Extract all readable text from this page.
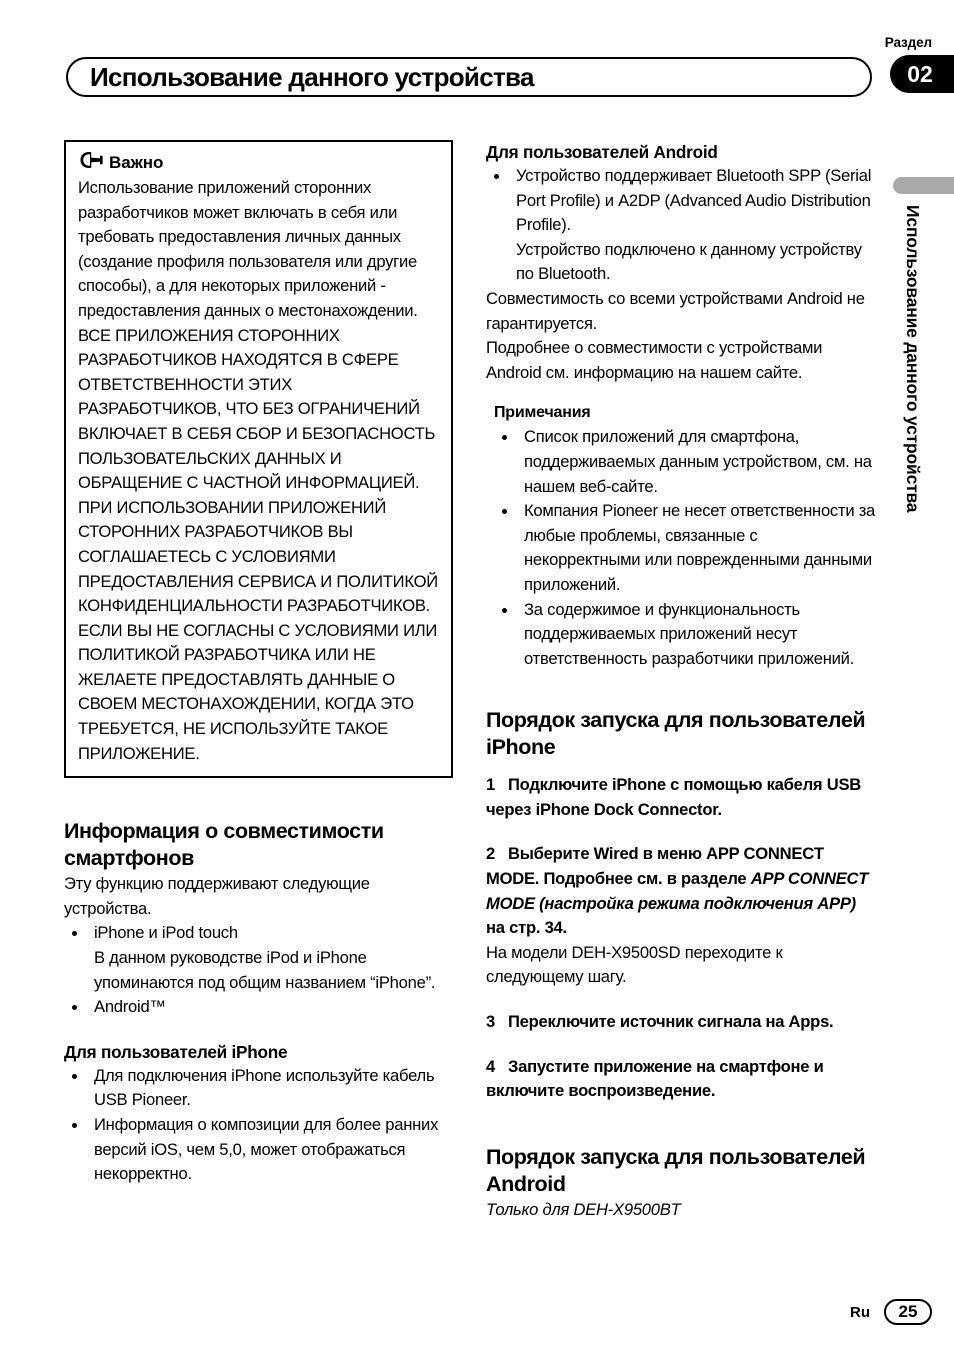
Раздел
02
Использование данного устройства
Использование данного устройства
Важно

Использование приложений сторонних разработчиков может включать в себя или требовать предоставления личных данных (создание профиля пользователя или другие способы), а для некоторых приложений - предоставления данных о местонахождении.

ВСЕ ПРИЛОЖЕНИЯ СТОРОННИХ РАЗРАБОТЧИКОВ НАХОДЯТСЯ В СФЕРЕ ОТВЕТСТВЕННОСТИ ЭТИХ РАЗРАБОТЧИКОВ, ЧТО БЕЗ ОГРАНИЧЕНИЙ ВКЛЮЧАЕТ В СЕБЯ СБОР И БЕЗОПАСНОСТЬ ПОЛЬЗОВАТЕЛЬСКИХ ДАННЫХ И ОБРАЩЕНИЕ С ЧАСТНОЙ ИНФОРМАЦИЕЙ. ПРИ ИСПОЛЬЗОВАНИИ ПРИЛОЖЕНИЙ СТОРОННИХ РАЗРАБОТЧИКОВ ВЫ СОГЛАШАЕТЕСЬ С УСЛОВИЯМИ ПРЕДОСТАВЛЕНИЯ СЕРВИСА И ПОЛИТИКОЙ КОНФИДЕНЦИАЛЬНОСТИ РАЗРАБОТЧИКОВ. ЕСЛИ ВЫ НЕ СОГЛАСНЫ С УСЛОВИЯМИ ИЛИ ПОЛИТИКОЙ РАЗРАБОТЧИКА ИЛИ НЕ ЖЕЛАЕТЕ ПРЕДОСТАВЛЯТЬ ДАННЫЕ О СВОЕМ МЕСТОНАХОЖДЕНИИ, КОГДА ЭТО ТРЕБУЕТСЯ, НЕ ИСПОЛЬЗУЙТЕ ТАКОЕ ПРИЛОЖЕНИЕ.

Информация о совместимости смартфонов

Эту функцию поддерживают следующие устройства.

iPhone и iPod touch
В данном руководстве iPod и iPhone упоминаются под общим названием “iPhone”.
Android™
Для пользователей iPhone
Для подключения iPhone используйте кабель USB Pioneer.
Информация о композиции для более ранних версий iOS, чем 5,0, может отображаться некорректно.
Для пользователей Android
Устройство поддерживает Bluetooth SPP (Serial Port Profile) и A2DP (Advanced Audio Distribution Profile).
Устройство подключено к данному устройству по Bluetooth.

Совместимость со всеми устройствами Android не гарантируется.

Подробнее о совместимости с устройствами Android см. информацию на нашем сайте.

Примечания
Список приложений для смартфона, поддерживаемых данным устройством, см. на нашем веб-сайте.
Компания Pioneer не несет ответственности за любые проблемы, связанные с некорректными или поврежденными данными приложений.
За содержимое и функциональность поддерживаемых приложений несут ответственность разработчики приложений.
Порядок запуска для пользователей iPhone

1 Подключите iPhone с помощью кабеля USB через iPhone Dock Connector.

2 Выберите Wired в меню APP CONNECT MODE. Подробнее см. в разделе APP CONNECT MODE (настройка режима подключения APP) на стр. 34.

На модели DEH-X9500SD переходите к следующему шагу.

3 Переключите источник сигнала на Apps.

4 Запустите приложение на смартфоне и включите воспроизведение.

Порядок запуска для пользователей Android

Только для DEH-X9500BT

Ru	25
